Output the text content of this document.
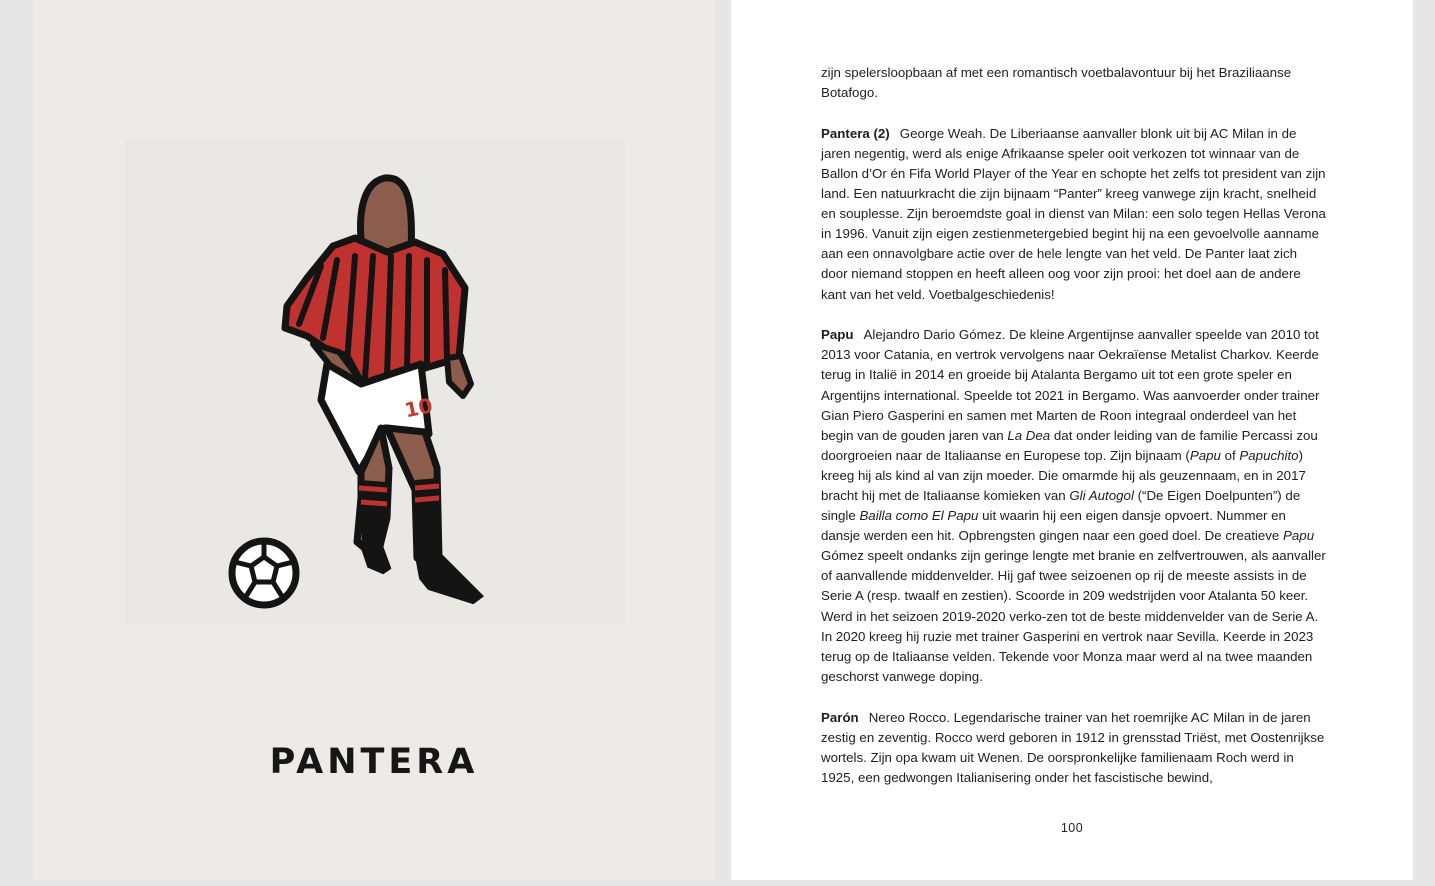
10
PANTERA

zijn spelersloopbaan af met een romantisch voetbalavontuur bij het Braziliaanse Botafogo.

Pantera (2) George Weah. De Liberiaanse aanvaller blonk uit bij AC Milan in de jaren negentig, werd als enige Afrikaanse speler ooit verkozen tot winnaar van de Ballon d’Or én Fifa World Player of the Year en schopte het zelfs tot president van zijn land. Een natuurkracht die zijn bijnaam “Panter” kreeg vanwege zijn kracht, snelheid en souplesse. Zijn beroemdste goal in dienst van Milan: een solo tegen Hellas Verona in 1996. Vanuit zijn eigen zestienmetergebied begint hij na een gevoelvolle aanname aan een onnavolgbare actie over de hele lengte van het veld. De Panter laat zich door niemand stoppen en heeft alleen oog voor zijn prooi: het doel aan de andere kant van het veld. Voetbalgeschiedenis!

Papu Alejandro Dario Gómez. De kleine Argentijnse aanvaller speelde van 2010 tot 2013 voor Catania, en vertrok vervolgens naar Oekraïense Metalist Charkov. Keerde terug in Italië in 2014 en groeide bij Atalanta Bergamo uit tot een grote speler en Argentijns international. Speelde tot 2021 in Bergamo. Was aanvoerder onder trainer Gian Piero Gasperini en samen met Marten de Roon integraal onderdeel van het begin van de gouden jaren van La Dea dat onder leiding van de familie Percassi zou doorgroeien naar de Italiaanse en Europese top. Zijn bijnaam (Papu of Papuchito) kreeg hij als kind al van zijn moeder. Die omarmde hij als geuzennaam, en in 2017 bracht hij met de Italiaanse komieken van Gli Autogol (“De Eigen Doelpunten”) de single Bailla como El Papu uit waarin hij een eigen dansje opvoert. Nummer en dansje werden een hit. Opbrengsten gingen naar een goed doel. De creatieve Papu Gómez speelt ondanks zijn geringe lengte met branie en zelfvertrouwen, als aanvaller of aanvallende middenvelder. Hij gaf twee seizoenen op rij de meeste assists in de Serie A (resp. twaalf en zestien). Scoorde in 209 wedstrijden voor Atalanta 50 keer. Werd in het seizoen 2019-2020 verko-zen tot de beste middenvelder van de Serie A. In 2020 kreeg hij ruzie met trainer Gasperini en vertrok naar Sevilla. Keerde in 2023 terug op de Italiaanse velden. Tekende voor Monza maar werd al na twee maanden geschorst vanwege doping.

Parón Nereo Rocco. Legendarische trainer van het roemrijke AC Milan in de jaren zestig en zeventig. Rocco werd geboren in 1912 in grensstad Triëst, met Oostenrijkse wortels. Zijn opa kwam uit Wenen. De oorspronkelijke familienaam Roch werd in 1925, een gedwongen Italianisering onder het fascistische bewind,

100
